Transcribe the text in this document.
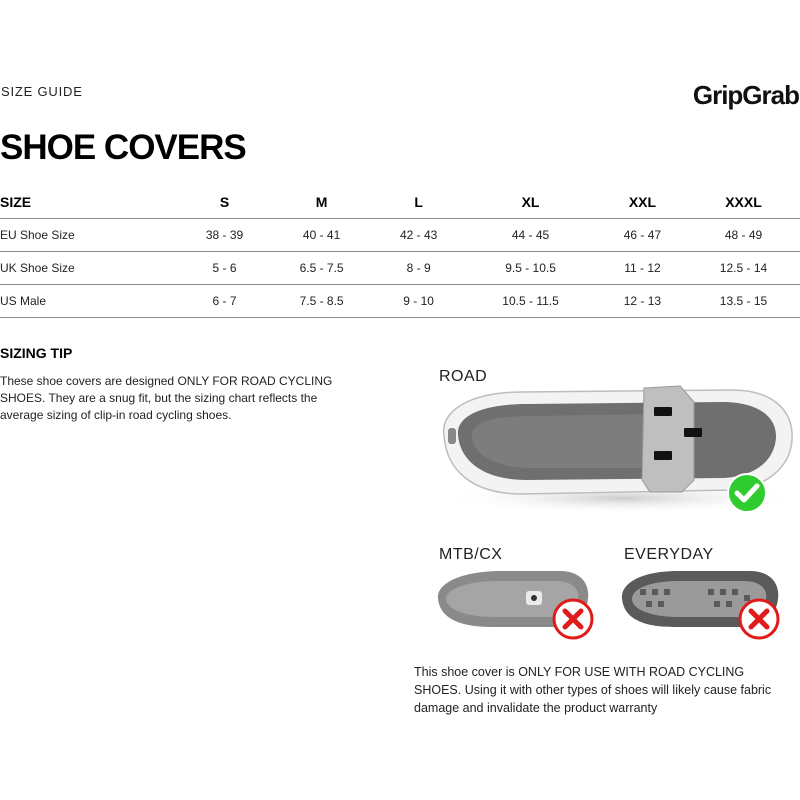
SIZE GUIDE	GripGrab
SHOE COVERS
SIZE	S	M	L	XL	XXL	XXXL
EU Shoe Size	38 - 39	40 - 41	42 - 43	44 - 45	46 - 47	48 - 49
UK Shoe Size	5 - 6	6.5 - 7.5	8 - 9	9.5 - 10.5	11 - 12	12.5 - 14
US Male	6 - 7	7.5 - 8.5	9 - 10	10.5 - 11.5	12 - 13	13.5 - 15
SIZING TIP
These shoe covers are designed ONLY FOR ROAD CYCLING SHOES. They are a snug fit, but the sizing chart reflects the average sizing of clip-in road cycling shoes.
ROAD
MTB/CX	EVERYDAY
This shoe cover is ONLY FOR USE WITH ROAD CYCLING SHOES. Using it with other types of shoes will likely cause fabric damage and invalidate the product warranty
